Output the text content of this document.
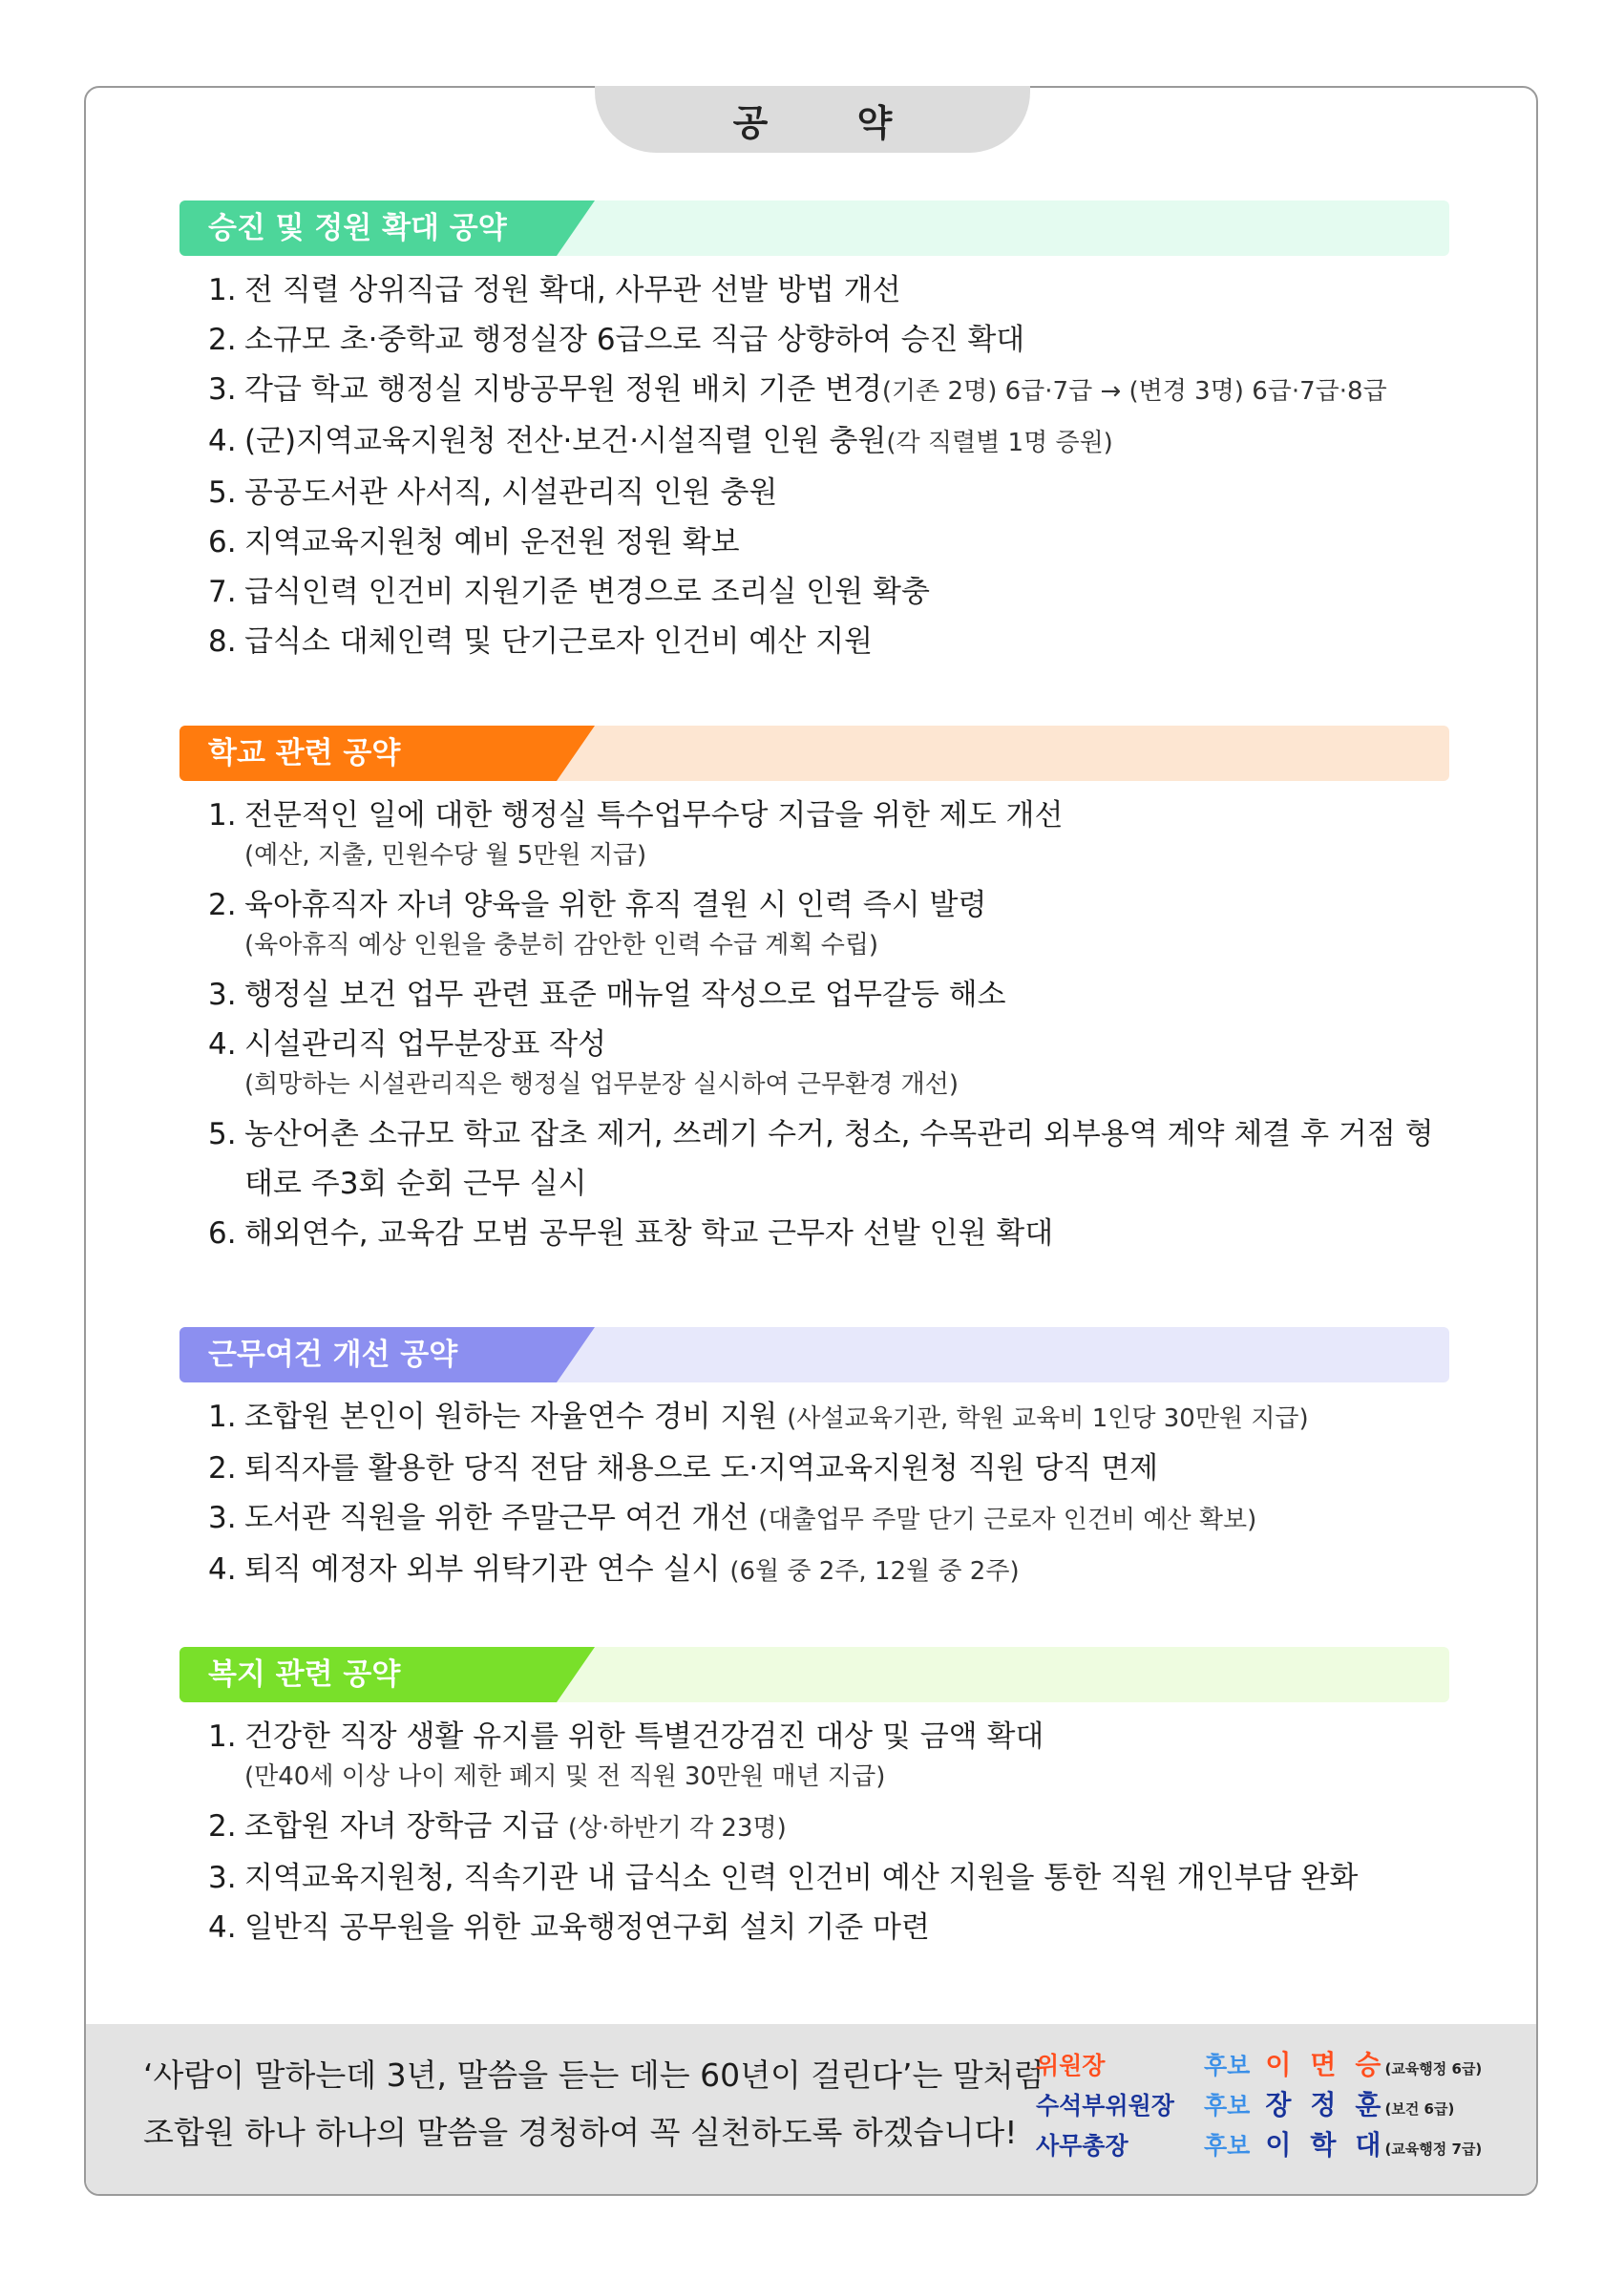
공 약
승진 및 정원 확대 공약
1. 전 직렬 상위직급 정원 확대, 사무관 선발 방법 개선
2. 소규모 초·중학교 행정실장 6급으로 직급 상향하여 승진 확대
3. 각급 학교 행정실 지방공무원 정원 배치 기준 변경(기존 2명) 6급·7급 → (변경 3명) 6급·7급·8급
4. (군)지역교육지원청 전산·보건·시설직렬 인원 충원(각 직렬별 1명 증원)
5. 공공도서관 사서직, 시설관리직 인원 충원
6. 지역교육지원청 예비 운전원 정원 확보
7. 급식인력 인건비 지원기준 변경으로 조리실 인원 확충
8. 급식소 대체인력 및 단기근로자 인건비 예산 지원
학교 관련 공약
1. 전문적인 일에 대한 행정실 특수업무수당 지급을 위한 제도 개선
(예산, 지출, 민원수당 월 5만원 지급)
2. 육아휴직자 자녀 양육을 위한 휴직 결원 시 인력 즉시 발령
(육아휴직 예상 인원을 충분히 감안한 인력 수급 계획 수립)
3. 행정실 보건 업무 관련 표준 매뉴얼 작성으로 업무갈등 해소
4. 시설관리직 업무분장표 작성
(희망하는 시설관리직은 행정실 업무분장 실시하여 근무환경 개선)
5. 농산어촌 소규모 학교 잡초 제거, 쓰레기 수거, 청소, 수목관리 외부용역 계약 체결 후 거점 형태로 주3회 순회 근무 실시
6. 해외연수, 교육감 모범 공무원 표창 학교 근무자 선발 인원 확대
근무여건 개선 공약
1. 조합원 본인이 원하는 자율연수 경비 지원 (사설교육기관, 학원 교육비 1인당 30만원 지급)
2. 퇴직자를 활용한 당직 전담 채용으로 도·지역교육지원청 직원 당직 면제
3. 도서관 직원을 위한 주말근무 여건 개선 (대출업무 주말 단기 근로자 인건비 예산 확보)
4. 퇴직 예정자 외부 위탁기관 연수 실시 (6월 중 2주, 12월 중 2주)
복지 관련 공약
1. 건강한 직장 생활 유지를 위한 특별건강검진 대상 및 금액 확대
(만40세 이상 나이 제한 폐지 및 전 직원 30만원 매년 지급)
2. 조합원 자녀 장학금 지급 (상·하반기 각 23명)
3. 지역교육지원청, 직속기관 내 급식소 인력 인건비 예산 지원을 통한 직원 개인부담 완화
4. 일반직 공무원을 위한 교육행정연구회 설치 기준 마련
‘사람이 말하는데 3년, 말씀을 듣는 데는 60년이 걸린다’는 말처럼
조합원 하나 하나의 말씀을 경청하여 꼭 실천하도록 하겠습니다!
위원장	후보 이면승
(교육행정 6급)
수석부위원장	후보 장정훈
(보건 6급)
사무총장	후보 이학대
(교육행정 7급)
